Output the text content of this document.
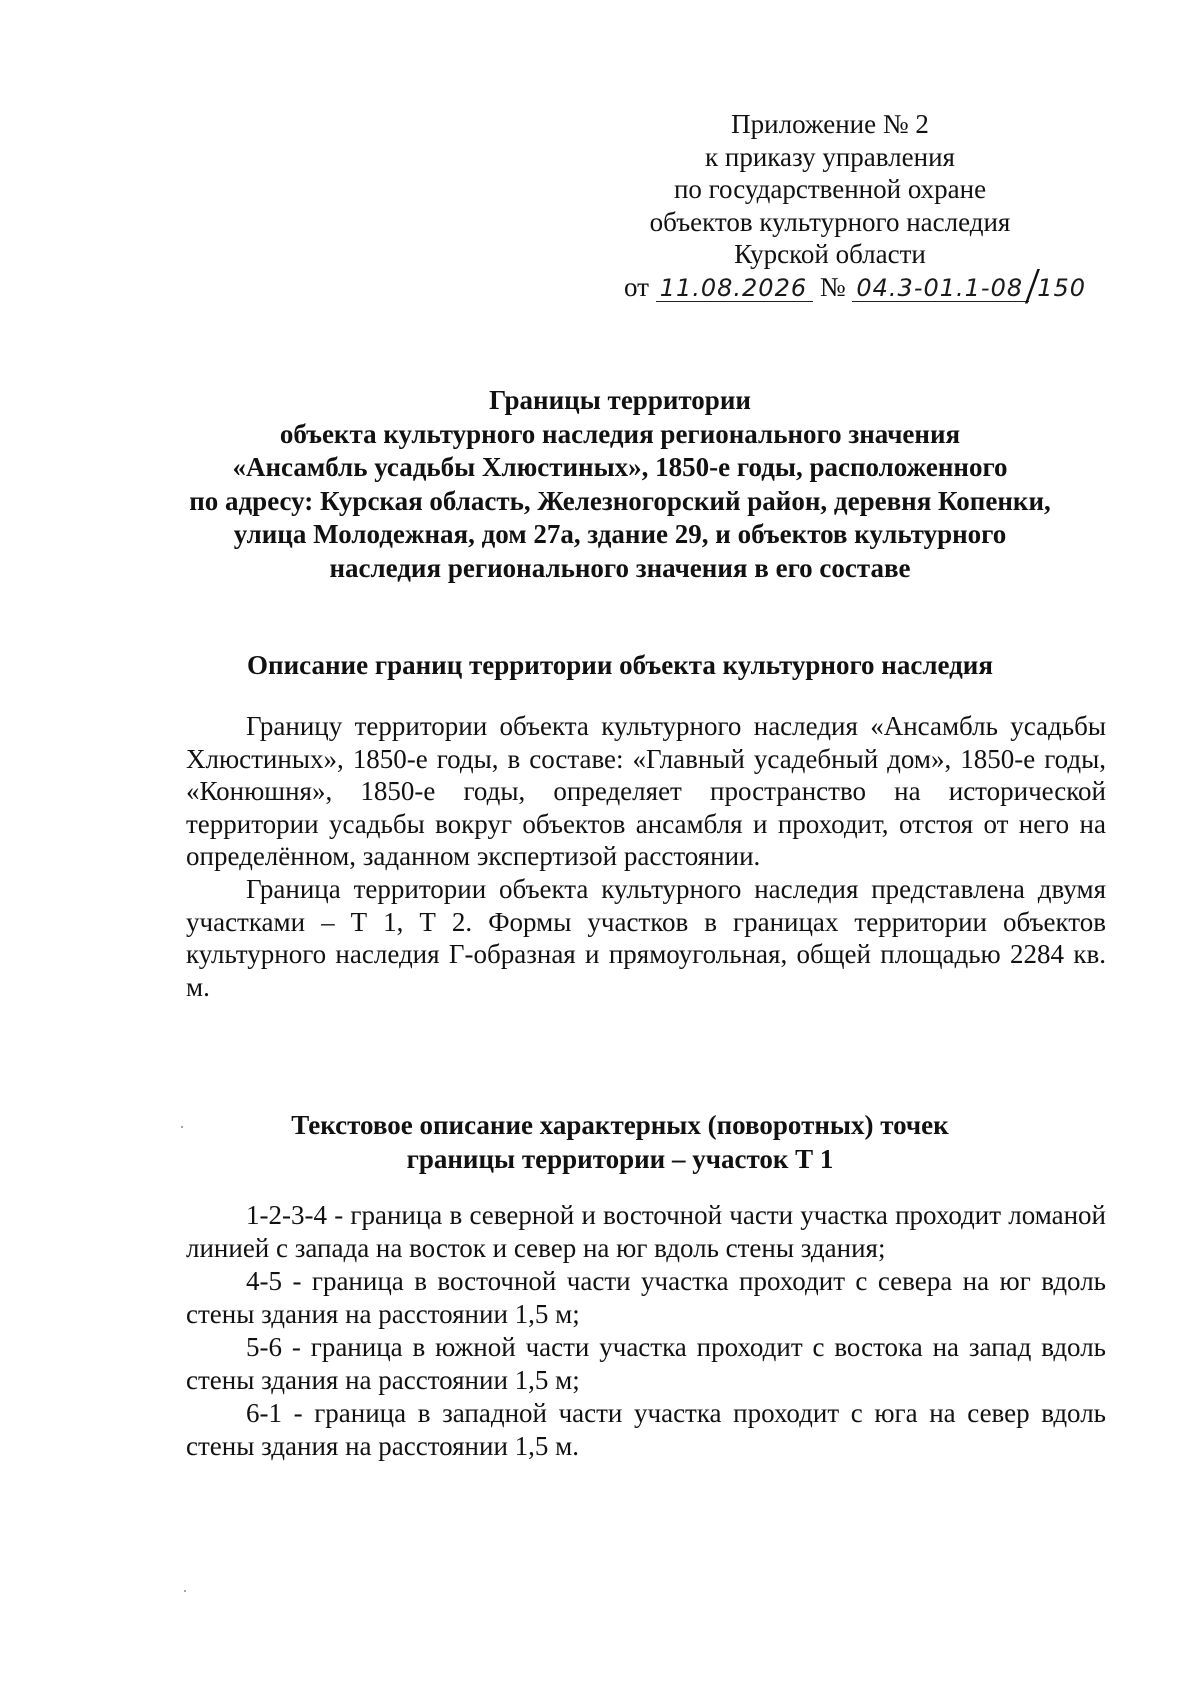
Приложение № 2
к приказу управления
по государственной охране
объектов культурного наследия
Курской области
от 11.08.2026 № 04.3-01.1-08 /150
Границы территории
объекта культурного наследия регионального значения
«Ансамбль усадьбы Хлюстиных», 1850-е годы, расположенного
по адресу: Курская область, Железногорский район, деревня Копенки,
улица Молодежная, дом 27а, здание 29, и объектов культурного
наследия регионального значения в его составе
Описание границ территории объекта культурного наследия

Границу территории объекта культурного наследия «Ансамбль усадьбы Хлюстиных», 1850-е годы, в составе: «Главный усадебный дом», 1850-е годы, «Конюшня», 1850-е годы, определяет пространство на исторической территории усадьбы вокруг объектов ансамбля и проходит, отстоя от него на определённом, заданном экспертизой расстоянии.

Граница территории объекта культурного наследия представлена двумя участками – Т 1, Т 2. Формы участков в границах территории объектов культурного наследия Г-образная и прямоугольная, общей площадью 2284 кв. м.

Текстовое описание характерных (поворотных) точек
границы территории – участок Т 1

1-2-3-4 - граница в северной и восточной части участка проходит ломаной линией с запада на восток и север на юг вдоль стены здания;

4-5 - граница в восточной части участка проходит с севера на юг вдоль стены здания на расстоянии 1,5 м;

5-6 - граница в южной части участка проходит с востока на запад вдоль стены здания на расстоянии 1,5 м;

6-1 - граница в западной части участка проходит с юга на север вдоль стены здания на расстоянии 1,5 м.
